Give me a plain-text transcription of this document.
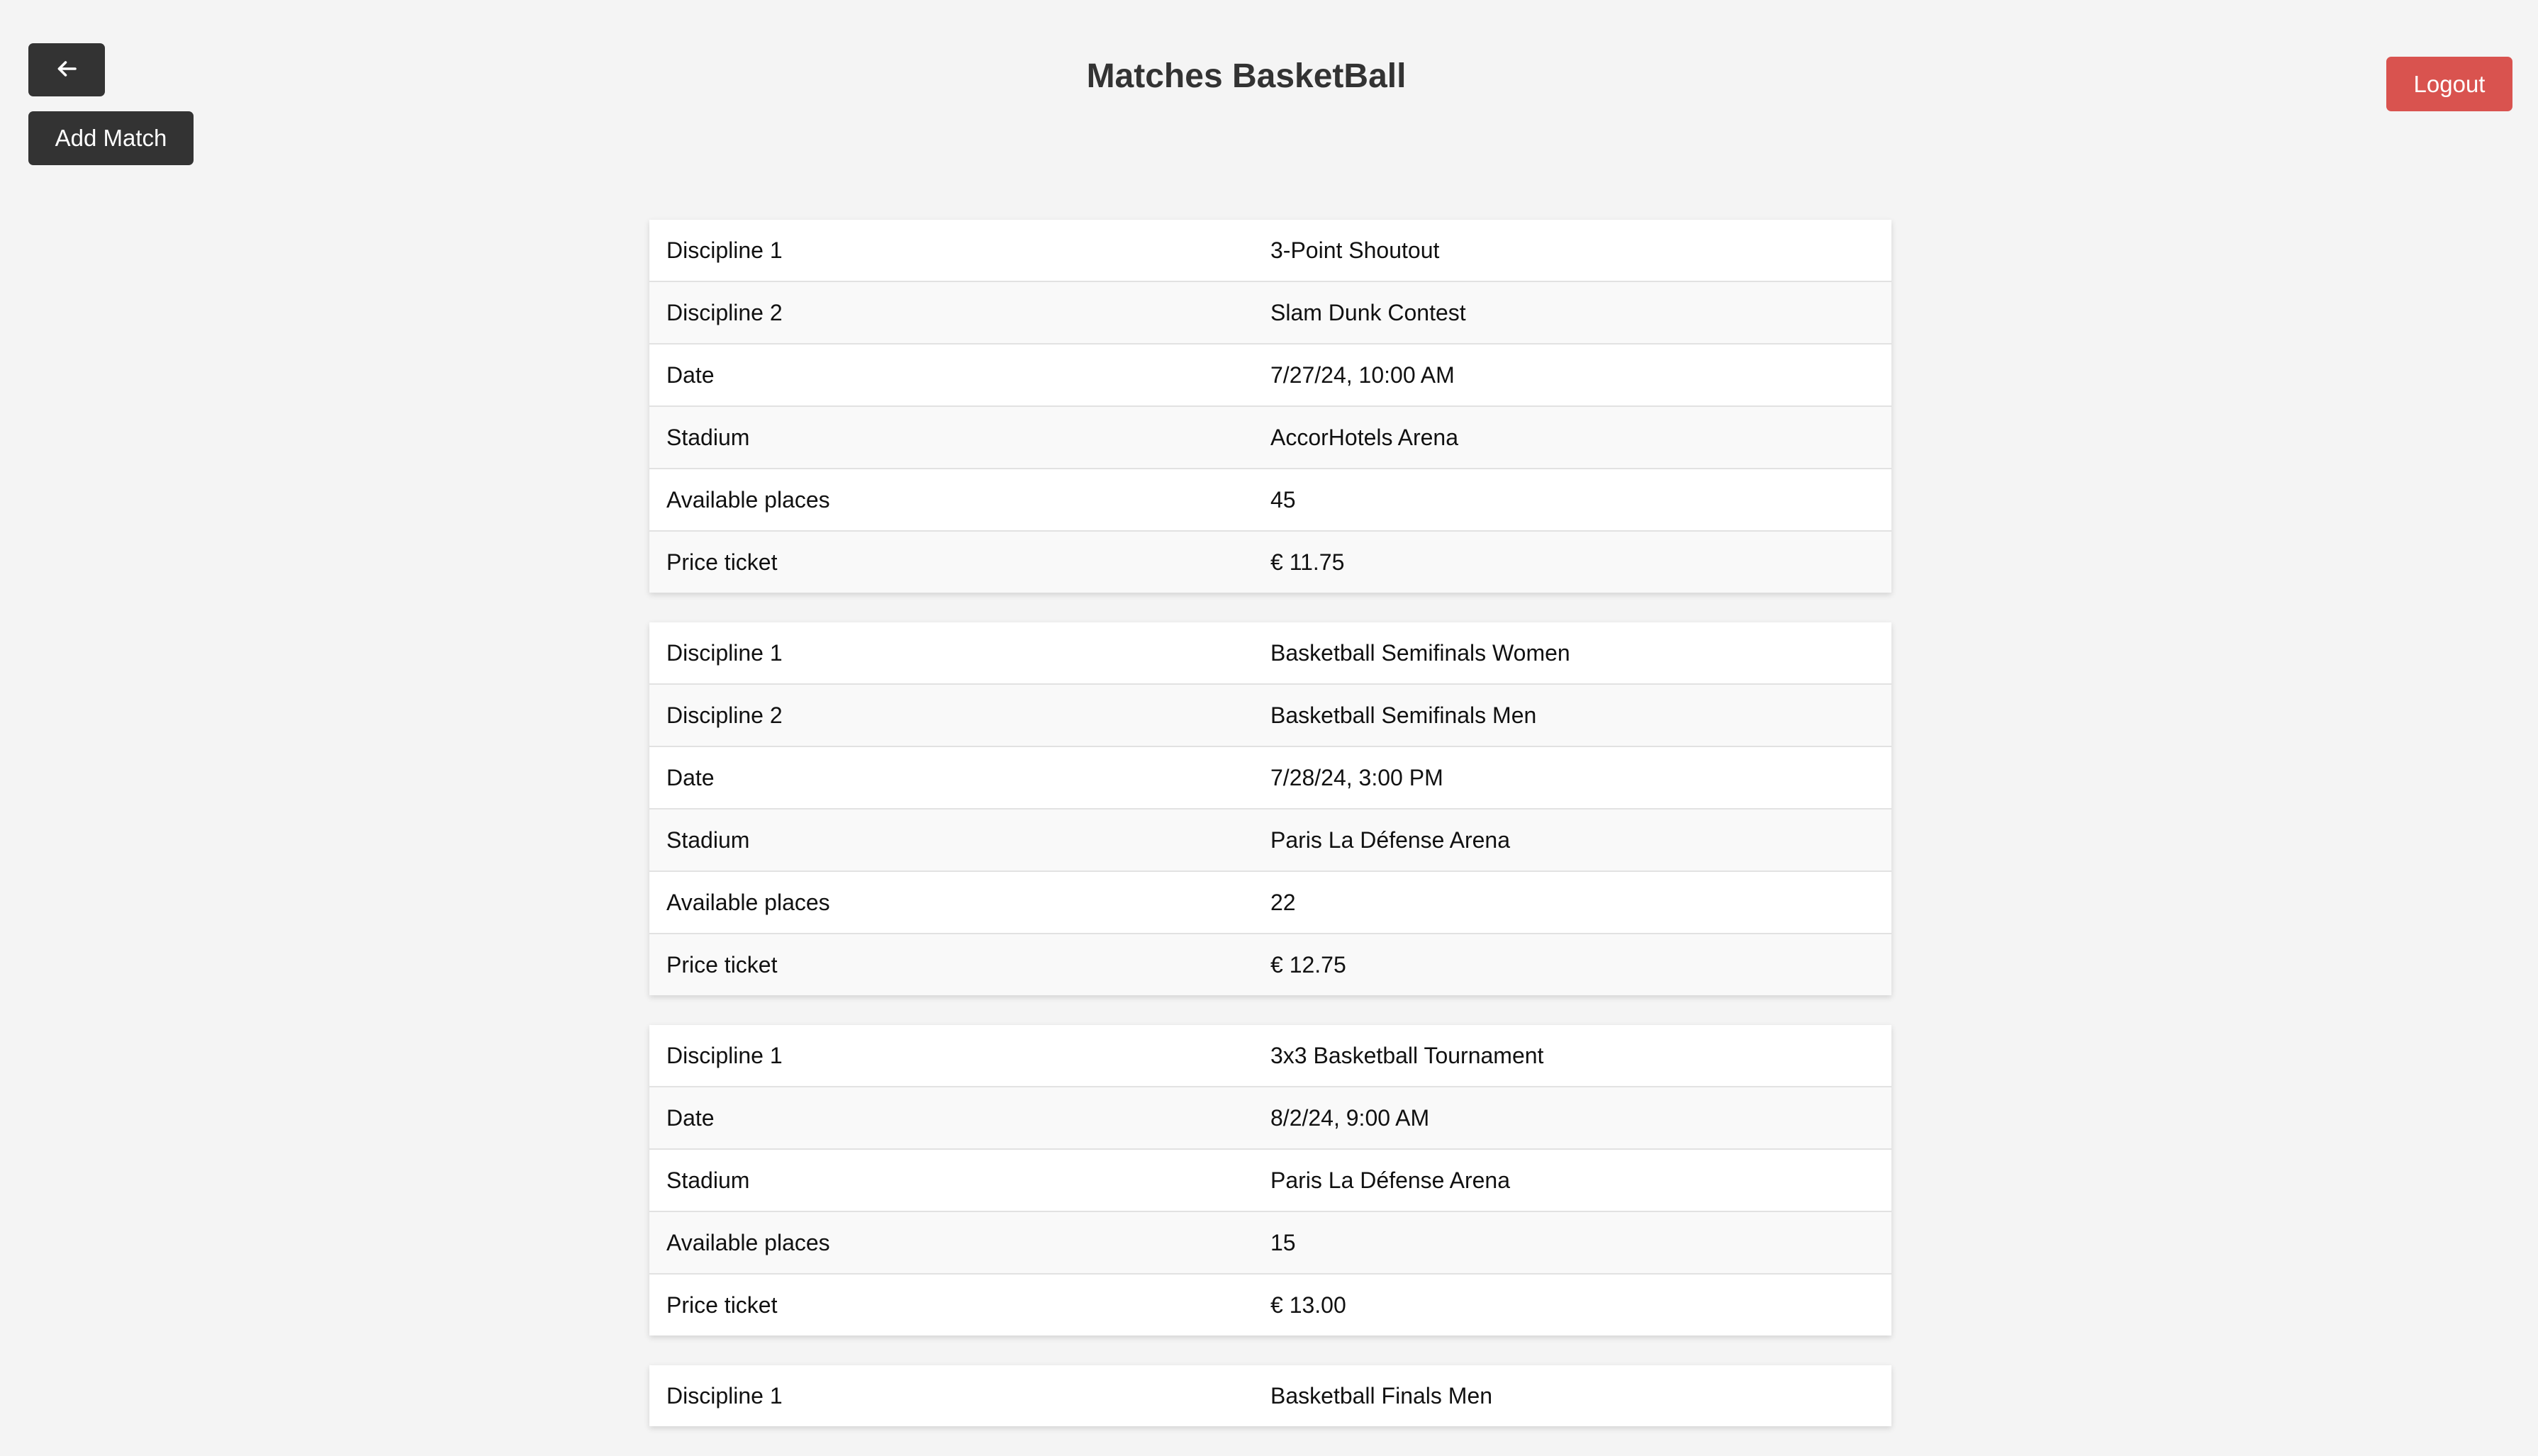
Add Match
Matches BasketBall	Logout
Discipline 1	3-Point Shoutout
Discipline 2	Slam Dunk Contest
Date	7/27/24, 10:00 AM
Stadium	AccorHotels Arena
Available places	45
Price ticket	€ 11.75
Discipline 1	Basketball Semifinals Women
Discipline 2	Basketball Semifinals Men
Date	7/28/24, 3:00 PM
Stadium	Paris La Défense Arena
Available places	22
Price ticket	€ 12.75
Discipline 1	3x3 Basketball Tournament
Date	8/2/24, 9:00 AM
Stadium	Paris La Défense Arena
Available places	15
Price ticket	€ 13.00
Discipline 1	Basketball Finals Men
